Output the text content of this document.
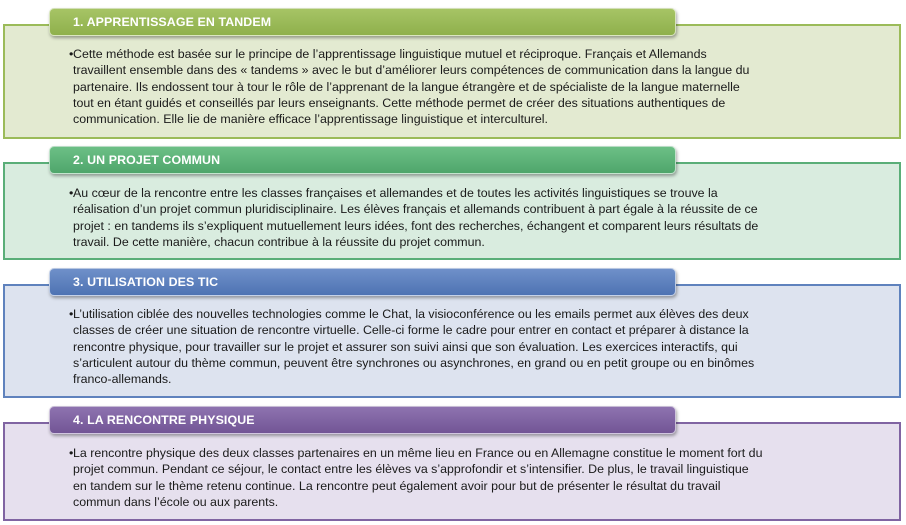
• Cette méthode est basée sur le principe de l’apprentissage linguistique mutuel et réciproque. Français et Allemands
travaillent ensemble dans des « tandems » avec le but d’améliorer leurs compétences de communication dans la langue du
partenaire. Ils endossent tour à tour le rôle de l’apprenant de la langue étrangère et de spécialiste de la langue maternelle
tout en étant guidés et conseillés par leurs enseignants. Cette méthode permet de créer des situations authentiques de
communication. Elle lie de manière efficace l’apprentissage linguistique et interculturel.
1. APPRENTISSAGE EN TANDEM
• Au cœur de la rencontre entre les classes françaises et allemandes et de toutes les activités linguistiques se trouve la
réalisation d’un projet commun pluridisciplinaire. Les élèves français et allemands contribuent à part égale à la réussite de ce
projet : en tandems ils s’expliquent mutuellement leurs idées, font des recherches, échangent et comparent leurs résultats de
travail. De cette manière, chacun contribue à la réussite du projet commun.
2. UN PROJET COMMUN
• L’utilisation ciblée des nouvelles technologies comme le Chat, la visioconférence ou les emails permet aux élèves des deux
classes de créer une situation de rencontre virtuelle. Celle-ci forme le cadre pour entrer en contact et préparer à distance la
rencontre physique, pour travailler sur le projet et assurer son suivi ainsi que son évaluation. Les exercices interactifs, qui
s’articulent autour du thème commun, peuvent être synchrones ou asynchrones, en grand ou en petit groupe ou en binômes
franco-allemands.
3. UTILISATION DES TIC
• La rencontre physique des deux classes partenaires en un même lieu en France ou en Allemagne constitue le moment fort du
projet commun. Pendant ce séjour, le contact entre les élèves va s’approfondir et s’intensifier. De plus, le travail linguistique
en tandem sur le thème retenu continue. La rencontre peut également avoir pour but de présenter le résultat du travail
commun dans l’école ou aux parents.
4. LA RENCONTRE PHYSIQUE
